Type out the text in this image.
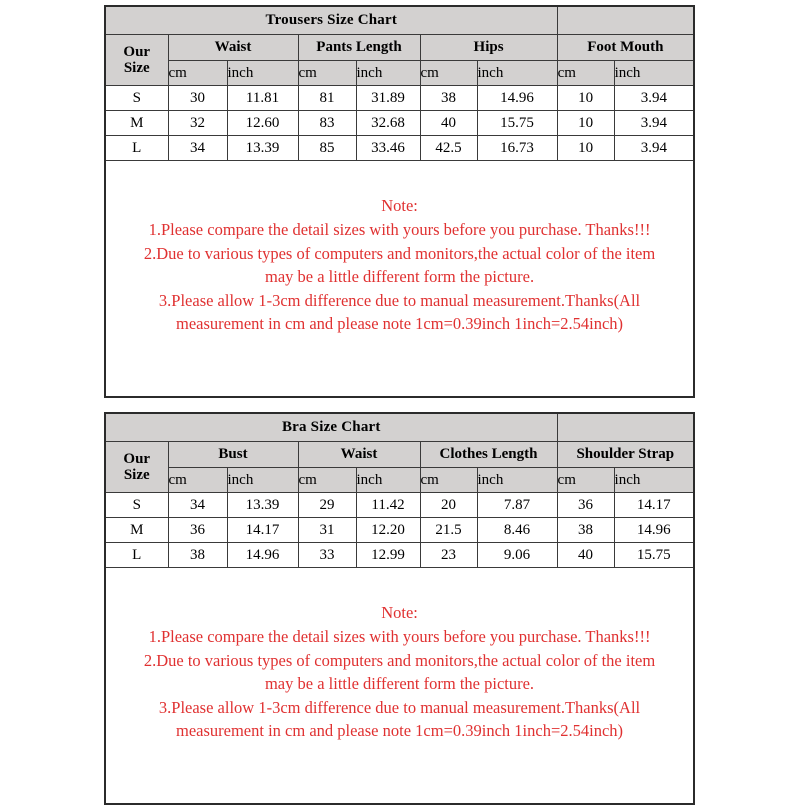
Trousers Size Chart								
Our
Size	Waist		Pants Length		Hips		Foot Mouth	
	cm	inch	cm	inch	cm	inch	cm	inch
S	30	11.81	81	31.89	38	14.96	10	3.94
M	32	12.60	83	32.68	40	15.75	10	3.94
L	34	13.39	85	33.46	42.5	16.73	10	3.94

Note:
1.Please compare the detail sizes with yours before you purchase. Thanks!!!
2.Due to various types of computers and monitors,the actual color of the item
may be a little different form the picture.
3.Please allow 1-3cm difference due to manual measurement.Thanks(All
measurement in cm and please note 1cm=0.39inch 1inch=2.54inch)
Bra Size Chart								
Our
Size	Bust		Waist		Clothes Length		Shoulder Strap	
	cm	inch	cm	inch	cm	inch	cm	inch
S	34	13.39	29	11.42	20	7.87	36	14.17
M	36	14.17	31	12.20	21.5	8.46	38	14.96
L	38	14.96	33	12.99	23	9.06	40	15.75

Note:
1.Please compare the detail sizes with yours before you purchase. Thanks!!!
2.Due to various types of computers and monitors,the actual color of the item
may be a little different form the picture.
3.Please allow 1-3cm difference due to manual measurement.Thanks(All
measurement in cm and please note 1cm=0.39inch 1inch=2.54inch)
